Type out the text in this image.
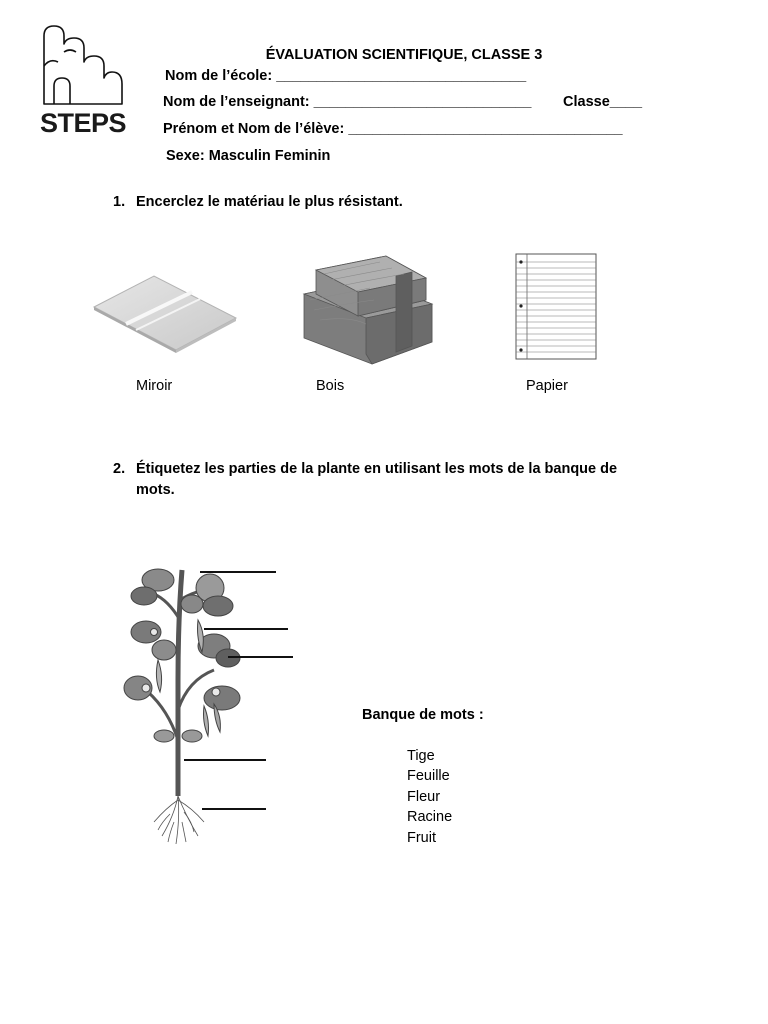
STEPS
ÉVALUATION SCIENTIFIQUE, CLASSE 3
Nom de l’école: _______________________________
Nom de l’enseignant: ___________________________ Classe____
Prénom et Nom de l’élève: __________________________________
Sexe: Masculin Feminin
1. Encerclez le matériau le plus résistant.
Miroir	Bois	Papier
2. Étiquetez les parties de la plante en utilisant les mots de la banque de
mots.
Banque de mots :
Tige
Feuille
Fleur
Racine
Fruit
